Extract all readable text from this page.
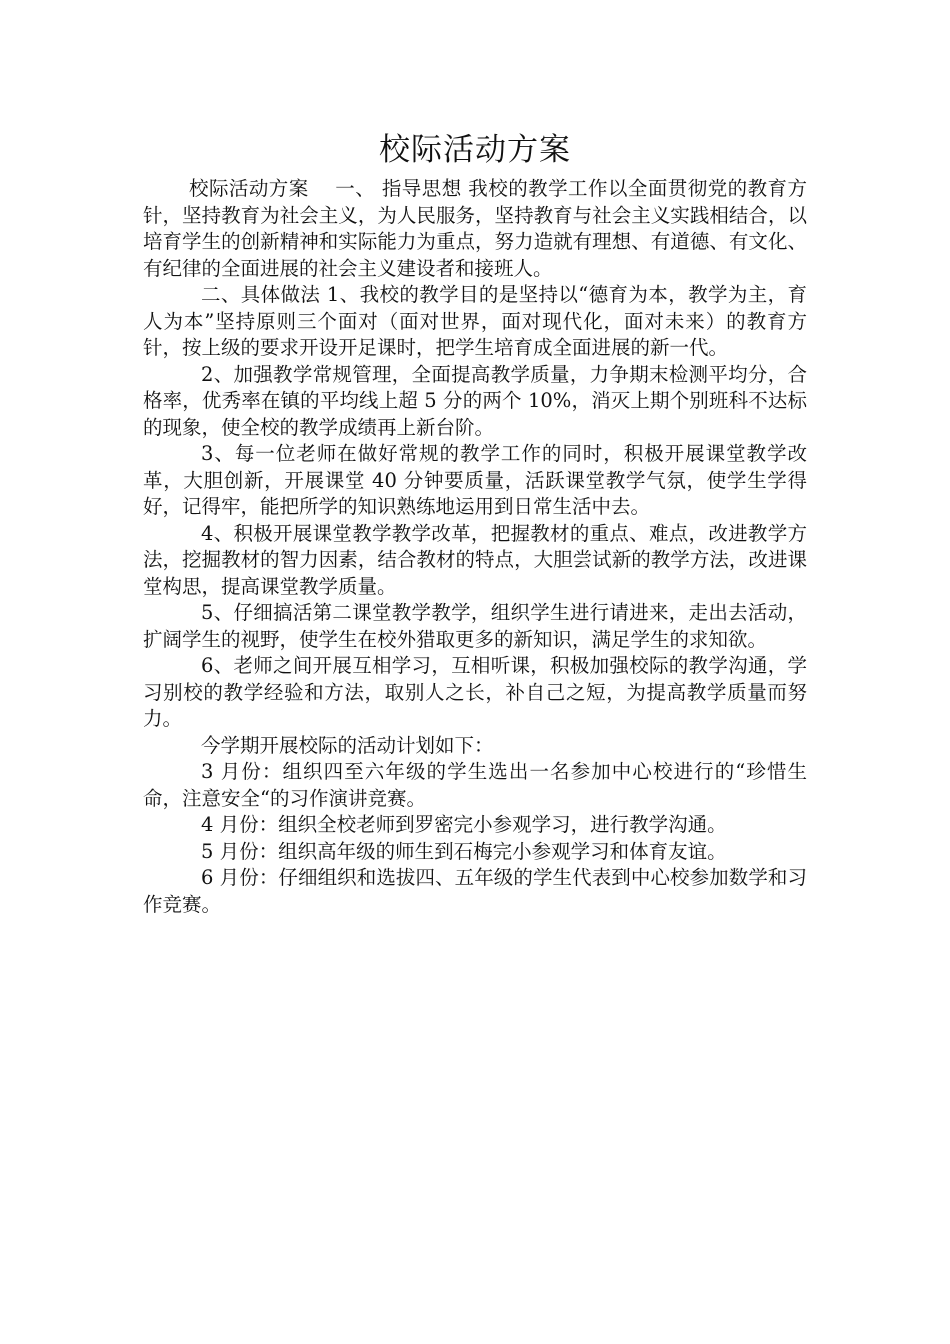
校际活动方案

校际活动方案　 一、 指导思想 我校的教学工作以全面贯彻党的教育方针，坚持教育为社会主义，为人民服务，坚持教育与社会主义实践相结合，以培育学生的创新精神和实际能力为重点，努力造就有理想、有道德、有文化、有纪律的全面进展的社会主义建设者和接班人。

二、具体做法 1、我校的教学目的是坚持以“德育为本，教学为主，育人为本”坚持原则三个面对（面对世界，面对现代化，面对未来）的教育方针，按上级的要求开设开足课时，把学生培育成全面进展的新一代。

2、加强教学常规管理，全面提高教学质量，力争期末检测平均分，合格率，优秀率在镇的平均线上超 5 分的两个 10%，消灭上期个别班科不达标的现象，使全校的教学成绩再上新台阶。

3、每一位老师在做好常规的教学工作的同时，积极开展课堂教学改革，大胆创新，开展课堂 40 分钟要质量，活跃课堂教学气氛，使学生学得好，记得牢，能把所学的知识熟练地运用到日常生活中去。

4、积极开展课堂教学教学改革，把握教材的重点、难点，改进教学方法，挖掘教材的智力因素，结合教材的特点，大胆尝试新的教学方法，改进课堂构思，提高课堂教学质量。

5、仔细搞活第二课堂教学教学，组织学生进行请进来，走出去活动，扩阔学生的视野，使学生在校外猎取更多的新知识，满足学生的求知欲。

6、老师之间开展互相学习，互相听课，积极加强校际的教学沟通，学习别校的教学经验和方法，取别人之长，补自己之短，为提高教学质量而努力。

今学期开展校际的活动计划如下：

3 月份：组织四至六年级的学生选出一名参加中心校进行的“珍惜生命，注意安全“的习作演讲竞赛。

4 月份：组织全校老师到罗密完小参观学习，进行教学沟通。

5 月份：组织高年级的师生到石梅完小参观学习和体育友谊。

6 月份：仔细组织和选拔四、五年级的学生代表到中心校参加数学和习作竞赛。
